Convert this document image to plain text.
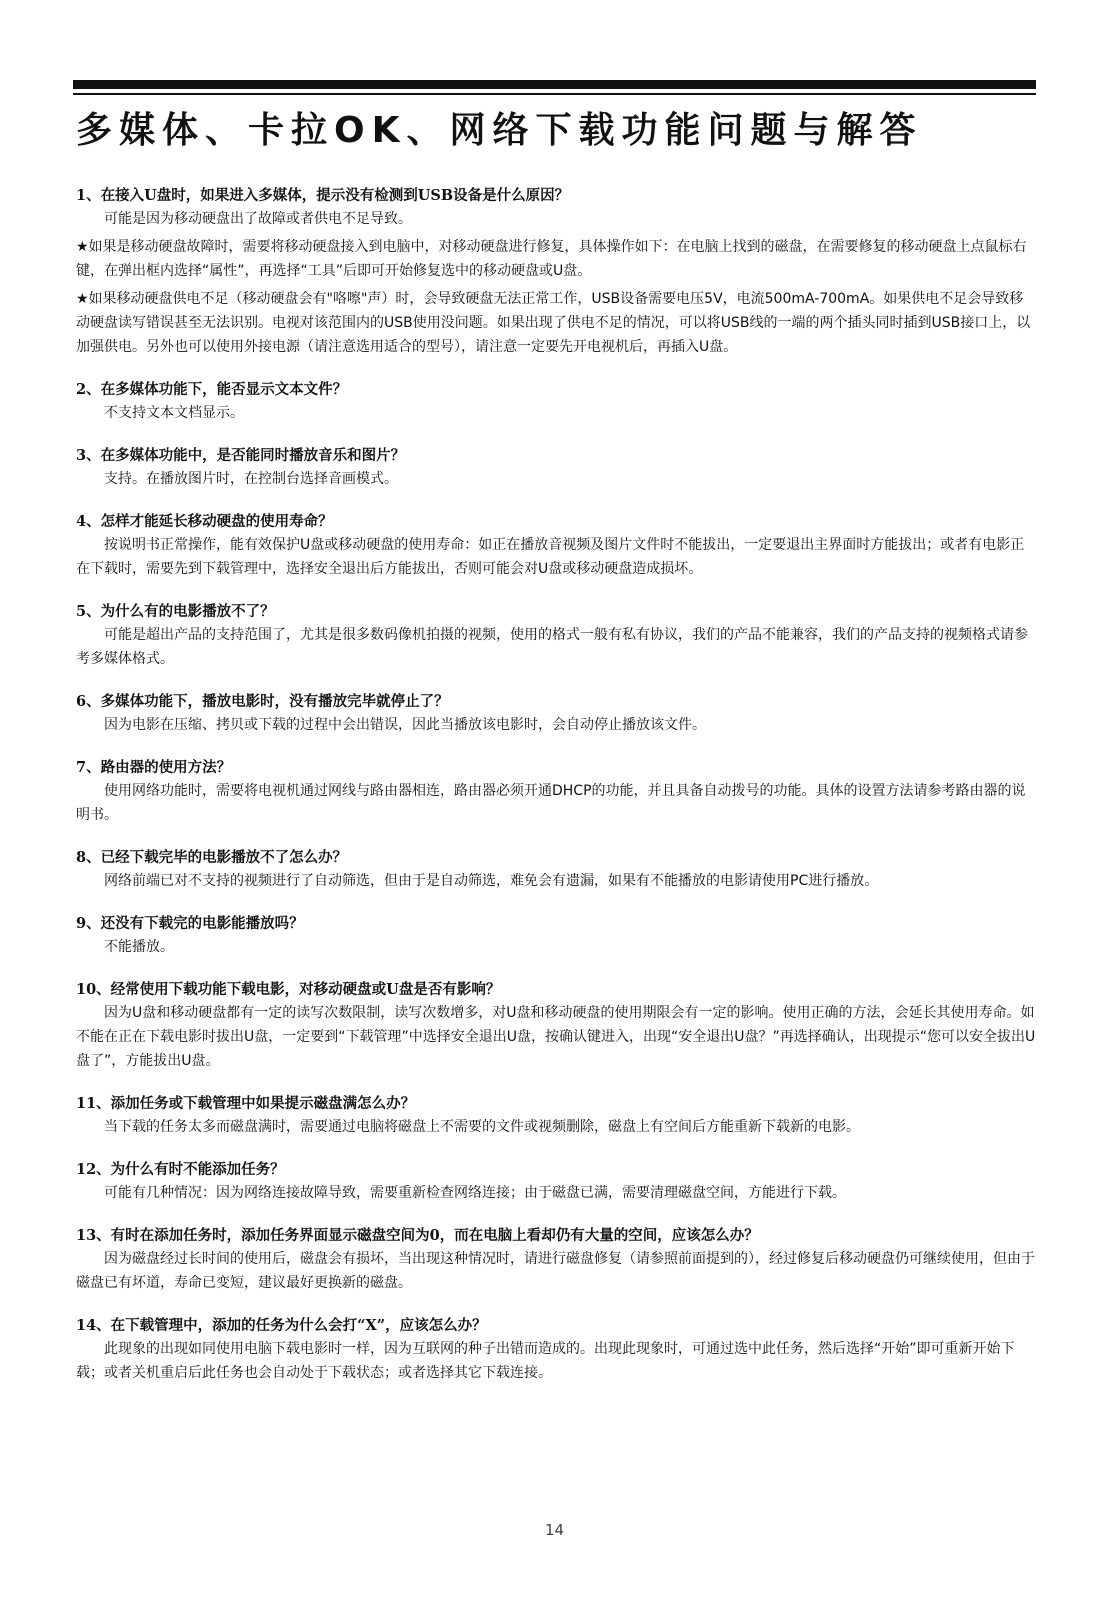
多媒体、卡拉OK、网络下载功能问题与解答
1、在接入U盘时，如果进入多媒体，提示没有检测到USB设备是什么原因？
可能是因为移动硬盘出了故障或者供电不足导致。
★如果是移动硬盘故障时，需要将移动硬盘接入到电脑中，对移动硬盘进行修复，具体操作如下：在电脑上找到的磁盘，在需要修复的移动硬盘上点鼠标右键，在弹出框内选择“属性”，再选择“工具”后即可开始修复选中的移动硬盘或U盘。
★如果移动硬盘供电不足（移动硬盘会有"咯嚓"声）时，会导致硬盘无法正常工作，USB设备需要电压5V，电流500mA-700mA。如果供电不足会导致移动硬盘读写错误甚至无法识别。电视对该范围内的USB使用没问题。如果出现了供电不足的情况，可以将USB线的一端的两个插头同时插到USB接口上，以加强供电。另外也可以使用外接电源（请注意选用适合的型号），请注意一定要先开电视机后，再插入U盘。
2、在多媒体功能下，能否显示文本文件？
不支持文本文档显示。
3、在多媒体功能中，是否能同时播放音乐和图片？
支持。在播放图片时，在控制台选择音画模式。
4、怎样才能延长移动硬盘的使用寿命？
按说明书正常操作，能有效保护U盘或移动硬盘的使用寿命：如正在播放音视频及图片文件时不能拔出，一定要退出主界面时方能拔出；或者有电影正在下载时，需要先到下载管理中，选择安全退出后方能拔出，否则可能会对U盘或移动硬盘造成损坏。
5、为什么有的电影播放不了？
可能是超出产品的支持范围了，尤其是很多数码像机拍摄的视频，使用的格式一般有私有协议，我们的产品不能兼容，我们的产品支持的视频格式请参考多媒体格式。
6、多媒体功能下，播放电影时，没有播放完毕就停止了？
因为电影在压缩、拷贝或下载的过程中会出错误，因此当播放该电影时，会自动停止播放该文件。
7、路由器的使用方法？
使用网络功能时，需要将电视机通过网线与路由器相连，路由器必须开通DHCP的功能，并且具备自动拨号的功能。具体的设置方法请参考路由器的说明书。
8、已经下载完毕的电影播放不了怎么办？
网络前端已对不支持的视频进行了自动筛选，但由于是自动筛选，难免会有遗漏，如果有不能播放的电影请使用PC进行播放。
9、还没有下载完的电影能播放吗？
不能播放。
10、经常使用下载功能下载电影，对移动硬盘或U盘是否有影响？
因为U盘和移动硬盘都有一定的读写次数限制，读写次数增多，对U盘和移动硬盘的使用期限会有一定的影响。使用正确的方法，会延长其使用寿命。如不能在正在下载电影时拔出U盘，一定要到“下载管理”中选择安全退出U盘，按确认键进入，出现“安全退出U盘？”再选择确认，出现提示“您可以安全拔出U盘了”，方能拔出U盘。
11、添加任务或下载管理中如果提示磁盘满怎么办？
当下载的任务太多而磁盘满时，需要通过电脑将磁盘上不需要的文件或视频删除，磁盘上有空间后方能重新下载新的电影。
12、为什么有时不能添加任务？
可能有几种情况：因为网络连接故障导致，需要重新检查网络连接；由于磁盘已满，需要清理磁盘空间，方能进行下载。
13、有时在添加任务时，添加任务界面显示磁盘空间为0，而在电脑上看却仍有大量的空间，应该怎么办？
因为磁盘经过长时间的使用后，磁盘会有损坏，当出现这种情况时，请进行磁盘修复（请参照前面提到的），经过修复后移动硬盘仍可继续使用，但由于磁盘已有坏道，寿命已变短，建议最好更换新的磁盘。
14、在下载管理中，添加的任务为什么会打“X”，应该怎么办？
此现象的出现如同使用电脑下载电影时一样，因为互联网的种子出错而造成的。出现此现象时，可通过选中此任务，然后选择“开始”即可重新开始下载；或者关机重启后此任务也会自动处于下载状态；或者选择其它下载连接。
14
